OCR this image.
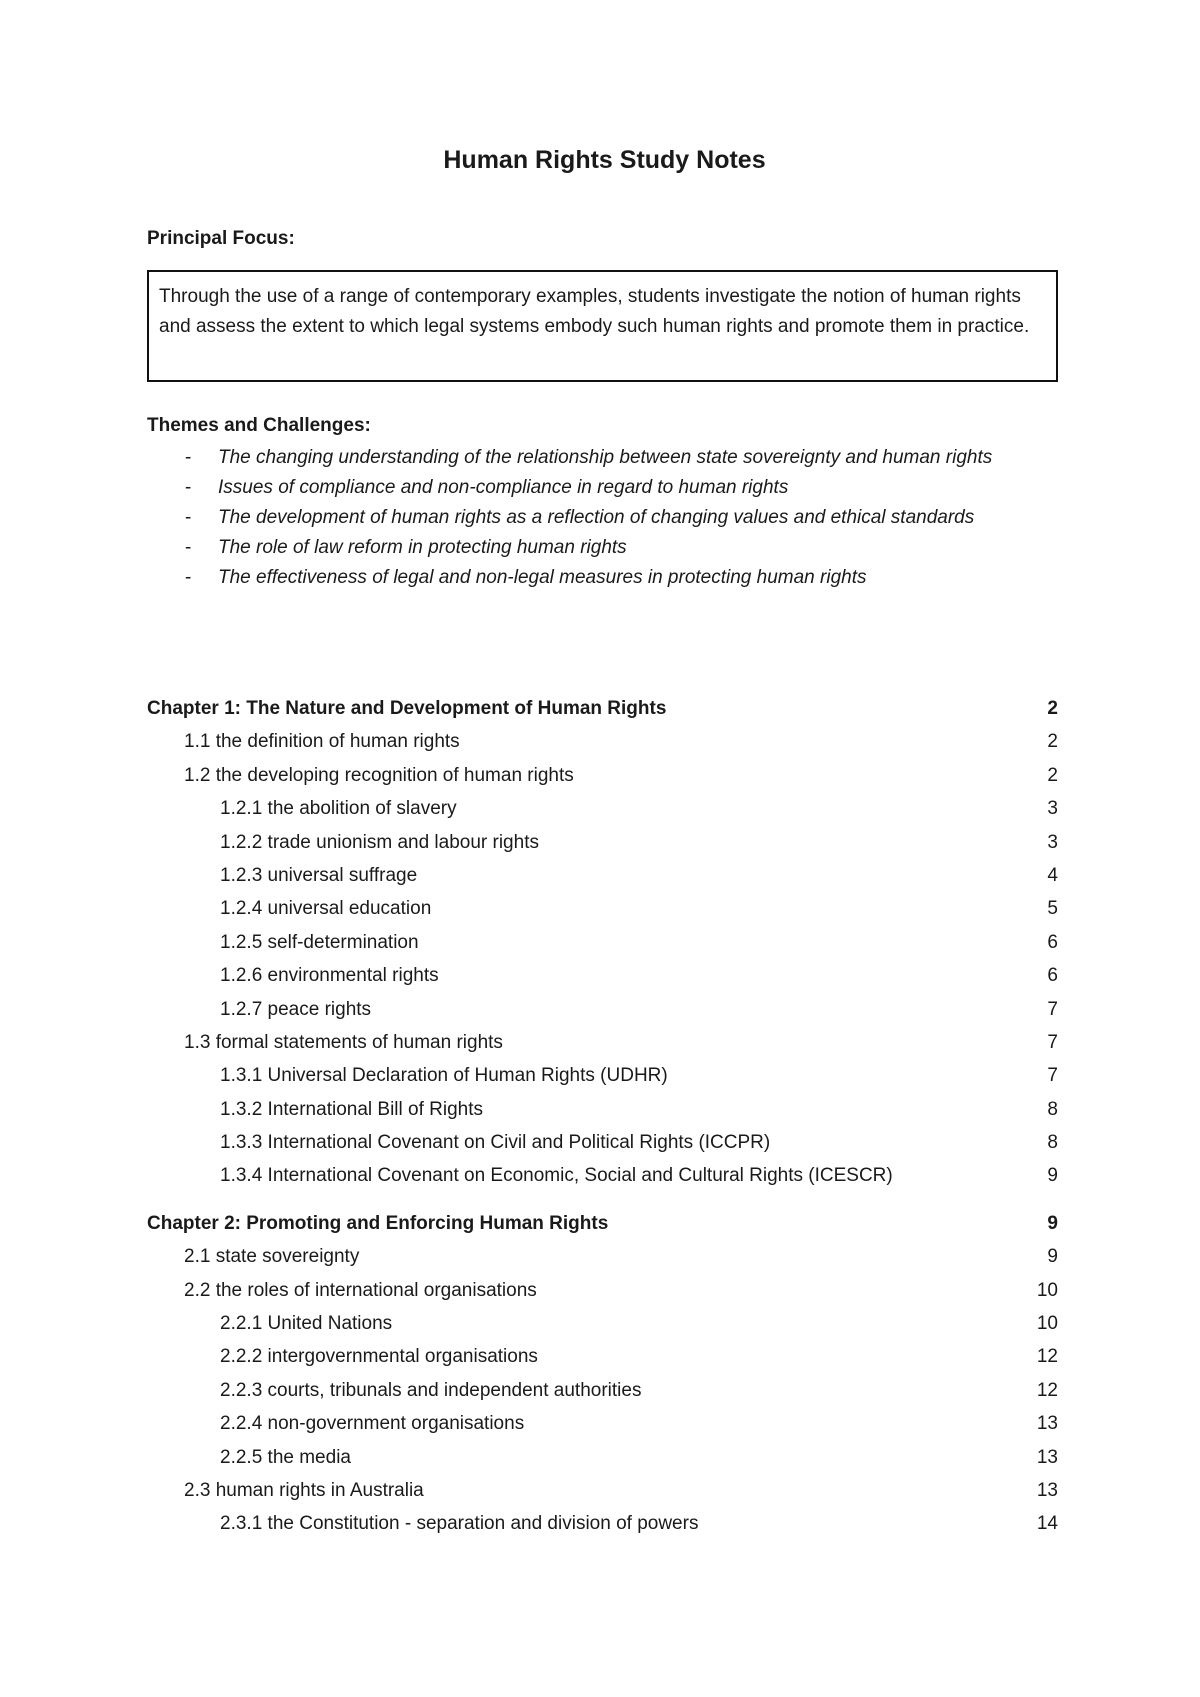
Human Rights Study Notes
Principal Focus:
Through the use of a range of contemporary examples, students investigate the notion of human rights and assess the extent to which legal systems embody such human rights and promote them in practice.
Themes and Challenges:
- The changing understanding of the relationship between state sovereignty and human rights
- Issues of compliance and non-compliance in regard to human rights
- The development of human rights as a reflection of changing values and ethical standards
- The role of law reform in protecting human rights
- The effectiveness of legal and non-legal measures in protecting human rights
Chapter 1: The Nature and Development of Human Rights	2
1.1 the definition of human rights	2
1.2 the developing recognition of human rights	2
1.2.1 the abolition of slavery	3
1.2.2 trade unionism and labour rights	3
1.2.3 universal suffrage	4
1.2.4 universal education	5
1.2.5 self-determination	6
1.2.6 environmental rights	6
1.2.7 peace rights	7
1.3 formal statements of human rights	7
1.3.1 Universal Declaration of Human Rights (UDHR)	7
1.3.2 International Bill of Rights	8
1.3.3 International Covenant on Civil and Political Rights (ICCPR)	8
1.3.4 International Covenant on Economic, Social and Cultural Rights (ICESCR)	9
Chapter 2: Promoting and Enforcing Human Rights	9
2.1 state sovereignty	9
2.2 the roles of international organisations	10
2.2.1 United Nations	10
2.2.2 intergovernmental organisations	12
2.2.3 courts, tribunals and independent authorities	12
2.2.4 non-government organisations	13
2.2.5 the media	13
2.3 human rights in Australia	13
2.3.1 the Constitution - separation and division of powers	14
